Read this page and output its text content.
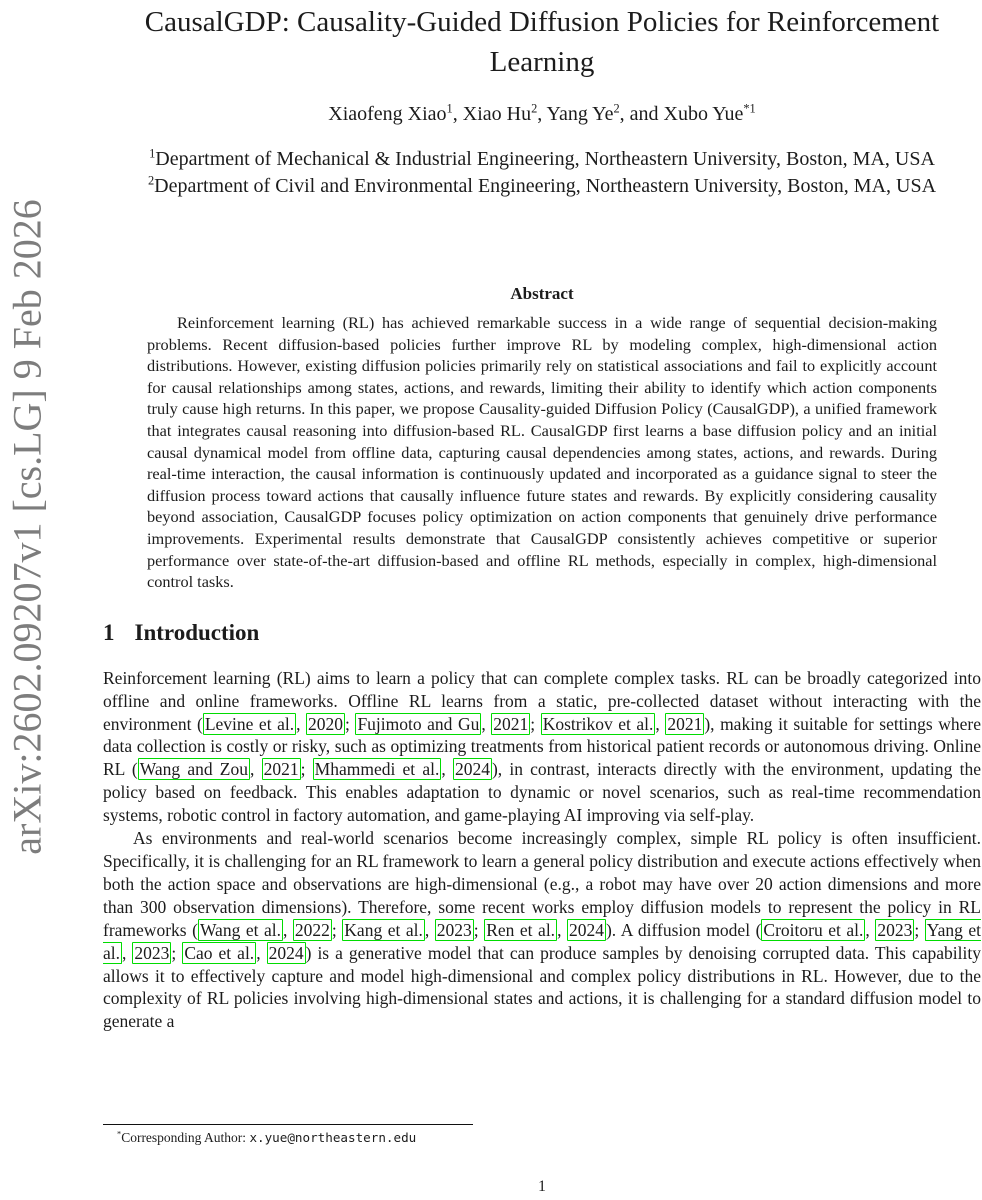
arXiv:2602.09207v1 [cs.LG] 9 Feb 2026
CausalGDP: Causality-Guided Diffusion Policies for Reinforcement Learning
Xiaofeng Xiao$^1$, Xiao Hu$^2$, Yang Ye$^2$, and Xubo Yue$^{*1}$
$^1$Department of Mechanical & Industrial Engineering, Northeastern University, Boston, MA, USA
$^2$Department of Civil and Environmental Engineering, Northeastern University, Boston, MA, USA
Abstract

Reinforcement learning (RL) has achieved remarkable success in a wide range of sequential decision-making problems. Recent diffusion-based policies further improve RL by modeling complex, high-dimensional action distributions. However, existing diffusion policies primarily rely on statistical associations and fail to explicitly account for causal relationships among states, actions, and rewards, limiting their ability to identify which action components truly cause high returns. In this paper, we propose Causality-guided Diffusion Policy (CausalGDP), a unified framework that integrates causal reasoning into diffusion-based RL. CausalGDP first learns a base diffusion policy and an initial causal dynamical model from offline data, capturing causal dependencies among states, actions, and rewards. During real-time interaction, the causal information is continuously updated and incorporated as a guidance signal to steer the diffusion process toward actions that causally influence future states and rewards. By explicitly considering causality beyond association, CausalGDP focuses policy optimization on action components that genuinely drive performance improvements. Experimental results demonstrate that CausalGDP consistently achieves competitive or superior performance over state-of-the-art diffusion-based and offline RL methods, especially in complex, high-dimensional control tasks.

1 Introduction

Reinforcement learning (RL) aims to learn a policy that can complete complex tasks. RL can be broadly categorized into offline and online frameworks. Offline RL learns from a static, pre-collected dataset without interacting with the environment ( Levine et al. , 2020 ; Fujimoto and Gu , 2021 ; Kostrikov et al. , 2021 ), making it suitable for settings where data collection is costly or risky, such as optimizing treatments from historical patient records or autonomous driving. Online RL ( Wang and Zou , 2021 ; Mhammedi et al. , 2024 ), in contrast, interacts directly with the environment, updating the policy based on feedback. This enables adaptation to dynamic or novel scenarios, such as real-time recommendation systems, robotic control in factory automation, and game-playing AI improving via self-play.

As environments and real-world scenarios become increasingly complex, simple RL policy is often insufficient. Specifically, it is challenging for an RL framework to learn a general policy distribution and execute actions effectively when both the action space and observations are high-dimensional (e.g., a robot may have over 20 action dimensions and more than 300 observation dimensions). Therefore, some recent works employ diffusion models to represent the policy in RL frameworks ( Wang et al. , 2022 ; Kang et al. , 2023 ; Ren et al. , 2024 ). A diffusion model ( Croitoru et al. , 2023 ; Yang et al. , 2023 ; Cao et al. , 2024 ) is a generative model that can produce samples by denoising corrupted data. This capability allows it to effectively capture and model high-dimensional and complex policy distributions in RL. However, due to the complexity of RL policies involving high-dimensional states and actions, it is challenging for a standard diffusion model to generate a

*Corresponding Author: x.yue@northeastern.edu
1
